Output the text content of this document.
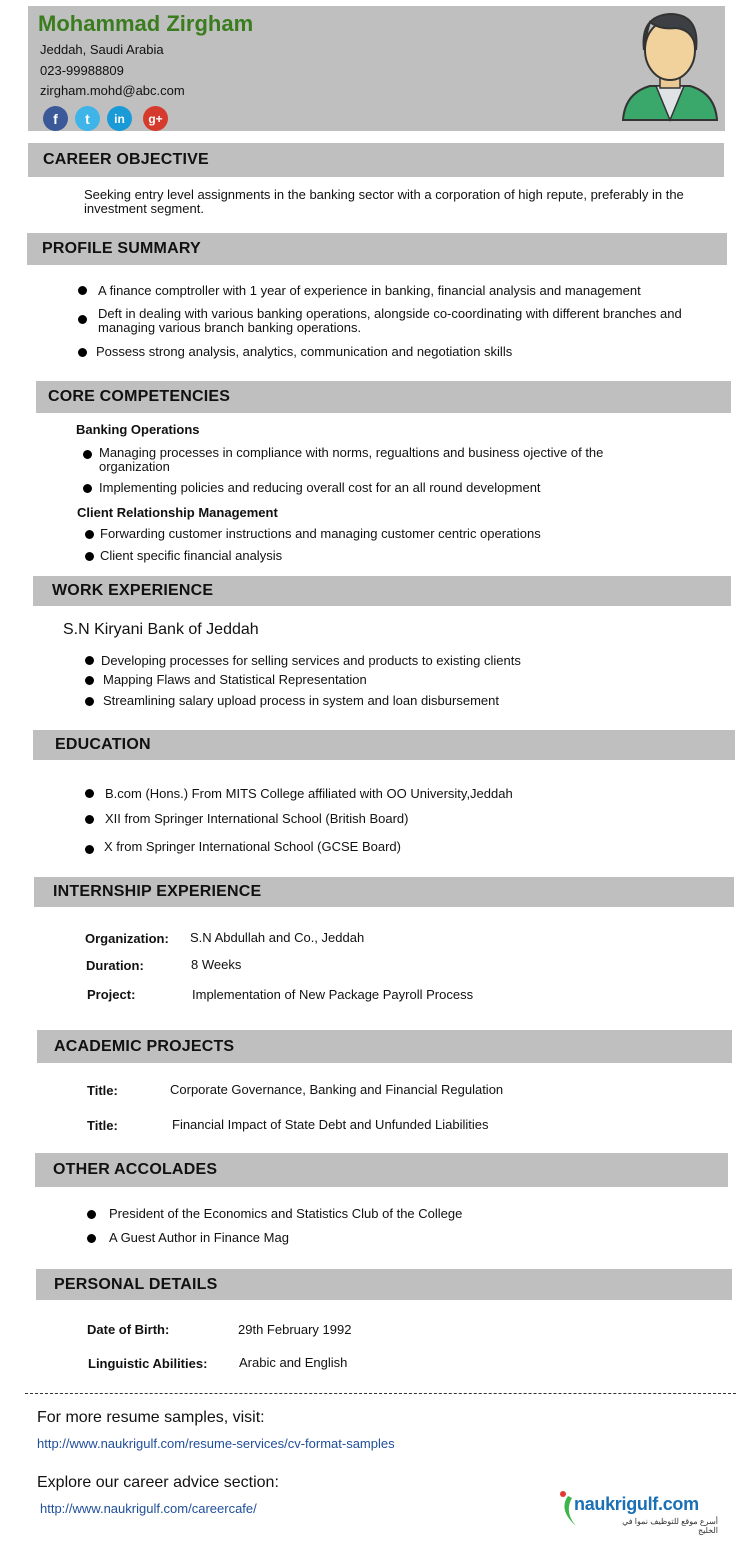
Mohammad Zirgham
Jeddah, Saudi Arabia
023-99988809
zirgham.mohd@abc.com
f	t	in	g+
CAREER OBJECTIVE
Seeking entry level assignments in the banking sector with a corporation of high repute, preferably in the investment segment.
PROFILE SUMMARY
A finance comptroller with 1 year of experience in banking, financial analysis and management
Deft in dealing with various banking operations, alongside co-coordinating with different branches and managing various branch banking operations.
Possess strong analysis, analytics, communication and negotiation skills
CORE COMPETENCIES
Banking Operations
Managing processes in compliance with norms, regualtions and business ojective of the organization
Implementing policies and reducing overall cost for an all round development
Client Relationship Management
Forwarding customer instructions and managing customer centric operations
Client specific financial analysis
WORK EXPERIENCE
S.N Kiryani Bank of Jeddah
Developing processes for selling services and products to existing clients
Mapping Flaws and Statistical Representation
Streamlining salary upload process in system and loan disbursement
EDUCATION
B.com (Hons.) From MITS College affiliated with OO University,Jeddah
XII from Springer International School (British Board)
X from Springer International School (GCSE Board)
INTERNSHIP EXPERIENCE
Organization: S.N Abdullah and Co., Jeddah
Duration:	8 Weeks
Project:	Implementation of New Package Payroll Process
ACADEMIC PROJECTS
Title:	Corporate Governance, Banking and Financial Regulation
Title:	Financial Impact of State Debt and Unfunded Liabilities
OTHER ACCOLADES
President of the Economics and Statistics Club of the College
A Guest Author in Finance Mag
PERSONAL DETAILS
Date of Birth:	29th February 1992
Linguistic Abilities: Arabic and English
For more resume samples, visit:
http://www.naukrigulf.com/resume-services/cv-format-samples
Explore our career advice section:
http://www.naukrigulf.com/careercafe/	naukrigulf.com
أسرع موقع للتوظيف نموا في الخليج
